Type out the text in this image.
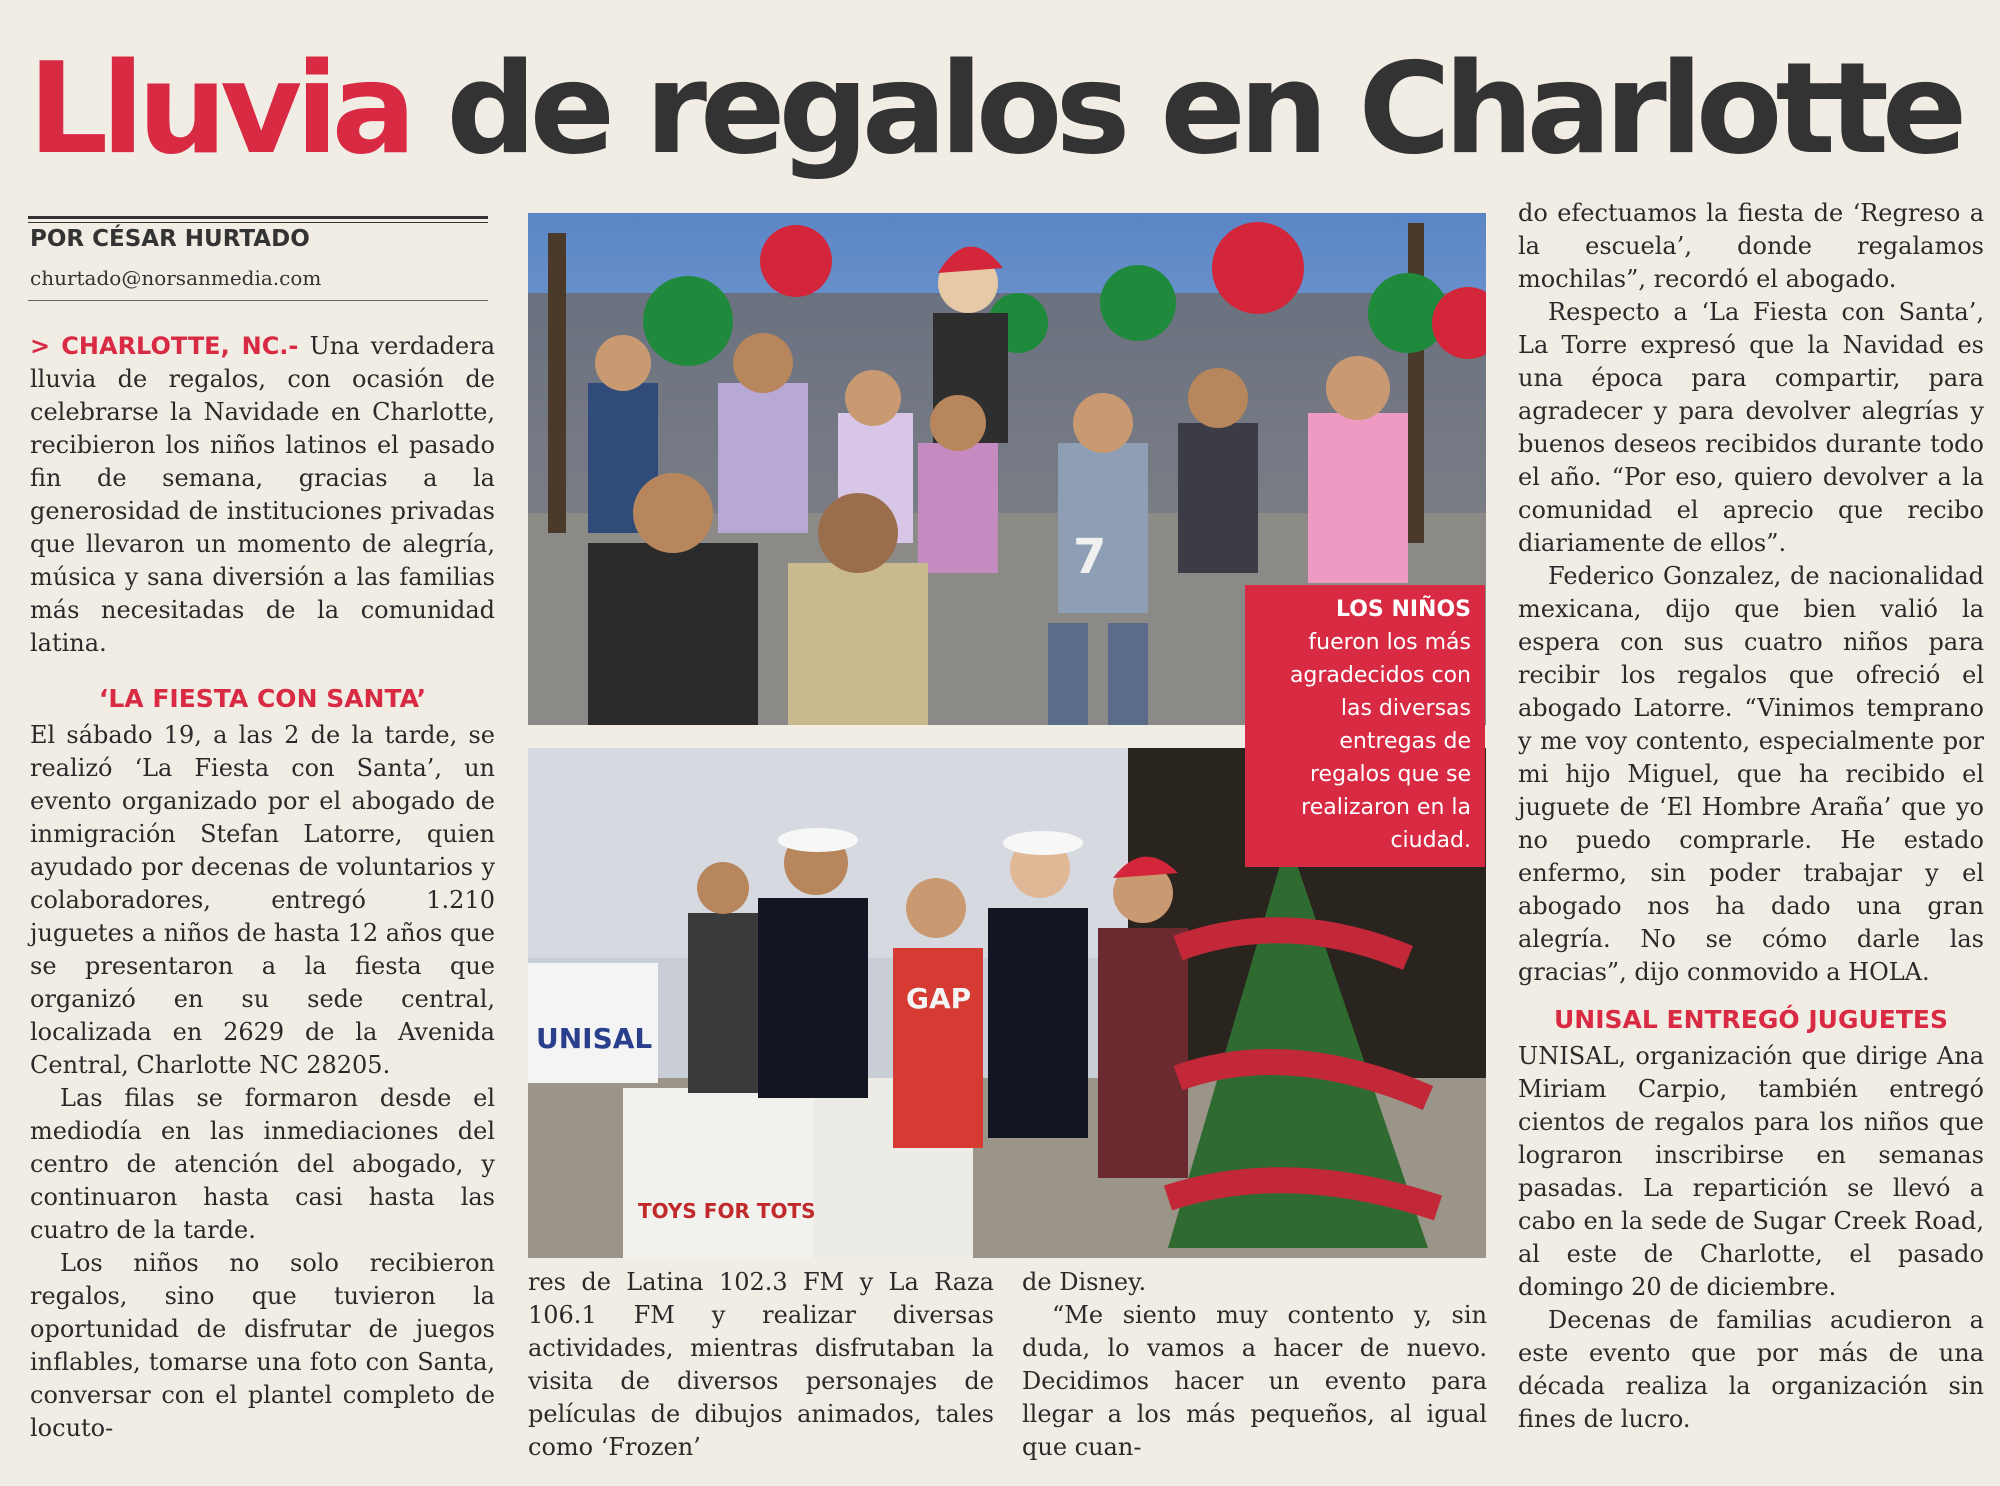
Lluvia de regalos en Charlotte
POR CÉSAR HURTADO
churtado@norsanmedia.com

> CHARLOTTE, NC.- Una verdadera lluvia de regalos, con ocasión de celebrarse la Navidade en Charlotte, recibieron los niños latinos el pasado fin de semana, gracias a la generosidad de instituciones privadas que llevaron un momento de alegría, música y sana diversión a las familias más necesitadas de la comunidad latina.

‘LA FIESTA CON SANTA’

El sábado 19, a las 2 de la tarde, se realizó ‘La Fiesta con Santa’, un evento organizado por el abogado de inmigración Stefan Latorre, quien ayudado por decenas de voluntarios y colaboradores, entregó 1.210 juguetes a niños de hasta 12 años que se presentaron a la fiesta que organizó en su sede central, localizada en 2629 de la Avenida Central, Charlotte NC 28205.

Las filas se formaron desde el mediodía en las inmediaciones del centro de atención del abogado, y continuaron hasta casi hasta las cuatro de la tarde.

Los niños no solo recibieron regalos, sino que tuvieron la oportunidad de disfrutar de juegos inflables, tomarse una foto con Santa, conversar con el plantel completo de locuto-

7
UNISAL
TOYS FOR TOTS
GAP
LOS NIÑOS
fueron los más agradecidos con las diversas entregas de regalos que se realizaron en la ciudad.

res de Latina 102.3 FM y La Raza 106.1 FM y realizar diversas actividades, mientras disfrutaban la visita de diversos personajes de películas de dibujos animados, tales como ‘Frozen’

de Disney.

“Me siento muy contento y, sin duda, lo vamos a hacer de nuevo. Decidimos hacer un evento para llegar a los más pequeños, al igual que cuan-

do efectuamos la fiesta de ‘Regreso a la escuela’, donde regalamos mochilas”, recordó el abogado.

Respecto a ‘La Fiesta con Santa’, La Torre expresó que la Navidad es una época para compartir, para agradecer y para devolver alegrías y buenos deseos recibidos durante todo el año. “Por eso, quiero devolver a la comunidad el aprecio que recibo diariamente de ellos”.

Federico Gonzalez, de nacionalidad mexicana, dijo que bien valió la espera con sus cuatro niños para recibir los regalos que ofreció el abogado Latorre. “Vinimos temprano y me voy contento, especialmente por mi hijo Miguel, que ha recibido el juguete de ‘El Hombre Araña’ que yo no puedo comprarle. He estado enfermo, sin poder trabajar y el abogado nos ha dado una gran alegría. No se cómo darle las gracias”, dijo conmovido a HOLA.

UNISAL ENTREGÓ JUGUETES

UNISAL, organización que dirige Ana Miriam Carpio, también entregó cientos de regalos para los niños que lograron inscribirse en semanas pasadas. La repartición se llevó a cabo en la sede de Sugar Creek Road, al este de Charlotte, el pasado domingo 20 de diciembre.

Decenas de familias acudieron a este evento que por más de una década realiza la organización sin fines de lucro.
